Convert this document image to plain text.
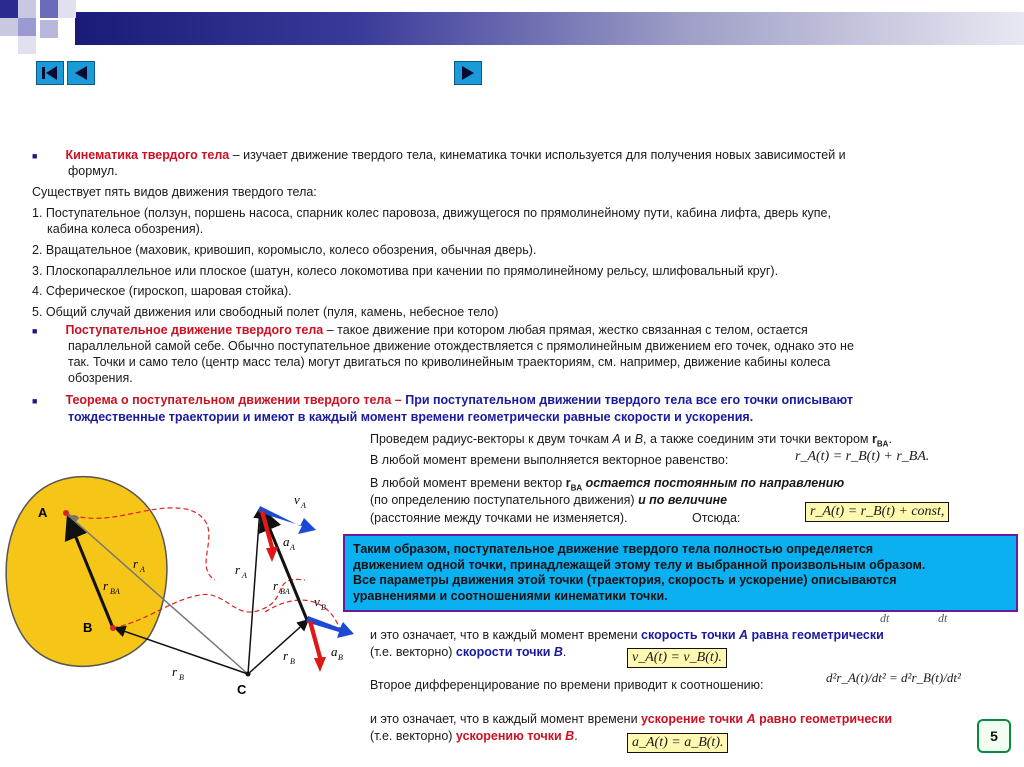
■ Кинематика твердого тела – изучает движение твердого тела, кинематика точки используется для получения новых зависимостей и
формул.
Существует пять видов движения твердого тела:
1. Поступательное (ползун, поршень насоса, спарник колес паровоза, движущегося по прямолинейному пути, кабина лифта, дверь купе,
кабина колеса обозрения).
2. Вращательное (маховик, кривошип, коромысло, колесо обозрения, обычная дверь).
3. Плоскопараллельное или плоское (шатун, колесо локомотива при качении по прямолинейному рельсу, шлифовальный круг).
4. Сферическое (гироскоп, шаровая стойка).
5. Общий случай движения или свободный полет (пуля, камень, небесное тело)
■ Поступательное движение твердого тела – такое движение при котором любая прямая, жестко связанная с телом, остается
параллельной самой себе. Обычно поступательное движение отождествляется с прямолинейным движением его точек, однако это не
так. Точки и само тело (центр масс тела) могут двигаться по криволинейным траекториям, см. например, движение кабины колеса
обозрения.
■ Теорема о поступательном движении твердого тела – При поступательном движении твердого тела все его точки описывают
тождественные траектории и имеют в каждый момент времени геометрически равные скорости и ускорения.
Проведем радиус-векторы к двум точкам A и B, а также соединим эти точки вектором $r_{BA}$.
В любой момент времени выполняется векторное равенство:	r_A(t) = r_B(t) + r_BA.
В любой момент времени вектор $r_{BA}$ остается постоянным по направлению
(по определению поступательного движения) и по величине
(расстояние между точками не изменяется).	Отсюда:	r_A(t) = r_B(t) + const,
Таким образом, поступательное движение твердого тела полностью определяется
движением одной точки, принадлежащей этому телу и выбранной произвольным образом.
Все параметры движения этой точки (траектория, скорость и ускорение) описываются
уравнениями и соотношениями кинематики точки.
dt	dt
и это означает, что в каждый момент времени скорость точки A равна геометрически
(т.е. векторно) скорости точки B.	v_A(t) = v_B(t).
Второе дифференцирование по времени приводит к соотношению:	d²r_A(t)/dt² = d²r_B(t)/dt²
и это означает, что в каждый момент времени ускорение точки A равно геометрически
(т.е. векторно) ускорению точки B.	a_A(t) = a_B(t).
A
B
C
r A
r BA
r B
r A
r BA
r B
v A
a A
v B
a B
5
